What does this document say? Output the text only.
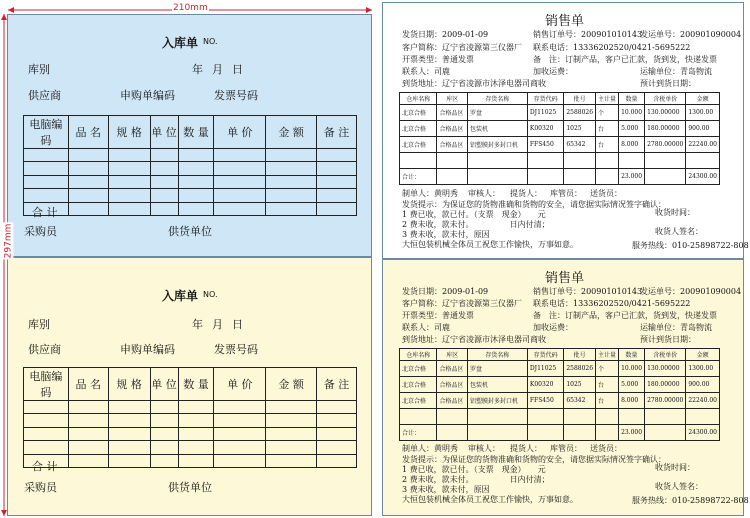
210mm
297mm
入库单 NO.
库别	年 月 日
供应商	申购单编码	发票号码
电脑编码	品 名	规 格	单 位	数 量	单 价	金 额	备 注

合 计
采购员	供货单位
入库单 NO.
库别	年 月 日
供应商	申购单编码	发票号码
电脑编码	品 名	规 格	单 位	数 量	单 价	金 额	备 注

合 计
采购员	供货单位
销售单
发货日期：2009-01-09	销售订单号：200901010143
发运单号：200901090004
客户简称：辽宁省凌源第三仪器厂 联系电话：13336202520/0421-5695222
开票类型：普通发票	备　注：订制产品，客户已汇款，货到发，快递发票
联系人：司鹿	加收运费：	运输单位：青岛物流
到货地址：辽宁省凌源市沐泽电器司商收	预计到货日期：
仓库名称	库区	存货名称	存货代码	批号	主计量	数量	含税单价	金额
北京合格	合格品区	罗盘	DJ11025	2588026	个	10.000	130.00000	1300.00
北京合格	合格品区	包装机	K00320	1025	台	5.000	180.00000	900.00
北京合格	合格品区	铝塑膜封多封口机	FFS450	65342	台	8.000	2780.00000	22240.00

合计：						23.000		24300.00
制单人：黄明秀 审核人： 提货人： 库管员： 送货员：
发货提示：为保证您的货物准确和货物的安全，请您据实际情况签字确认：
1 费已收，款已付。（支票　现金）　　元
2 费未收，款未付。　　　　　日内付清；
3 费未收，款未付，原因　　　　　　　　
大恒包装机械全体员工祝您工作愉快，万事如意。
收货时间：
收货人签名：
服务热线：010-25898722-808
销售单
发货日期：2009-01-09	销售订单号：200901010143
发运单号：200901090004
客户简称：辽宁省凌源第三仪器厂 联系电话：13336202520/0421-5695222
开票类型：普通发票	备　注：订制产品，客户已汇款，货到发，快递发票
联系人：司鹿	加收运费：	运输单位：青岛物流
到货地址：辽宁省凌源市沐泽电器司商收	预计到货日期：
仓库名称	库区	存货名称	存货代码	批号	主计量	数量	含税单价	金额
北京合格	合格品区	罗盘	DJ11025	2588026	个	10.000	130.00000	1300.00
北京合格	合格品区	包装机	K00320	1025	台	5.000	180.00000	900.00
北京合格	合格品区	铝塑膜封多封口机	FFS450	65342	台	8.000	2780.00000	22240.00

合计：						23.000		24300.00
制单人：黄明秀 审核人： 提货人： 库管员： 送货员：
发货提示：为保证您的货物准确和货物的安全，请您据实际情况签字确认：
1 费已收，款已付。（支票　现金）　　元
2 费未收，款未付。　　　　　日内付清；
3 费未收，款未付，原因　　　　　　　　
大恒包装机械全体员工祝您工作愉快，万事如意。
收货时间：
收货人签名：
服务热线：010-25898722-808
